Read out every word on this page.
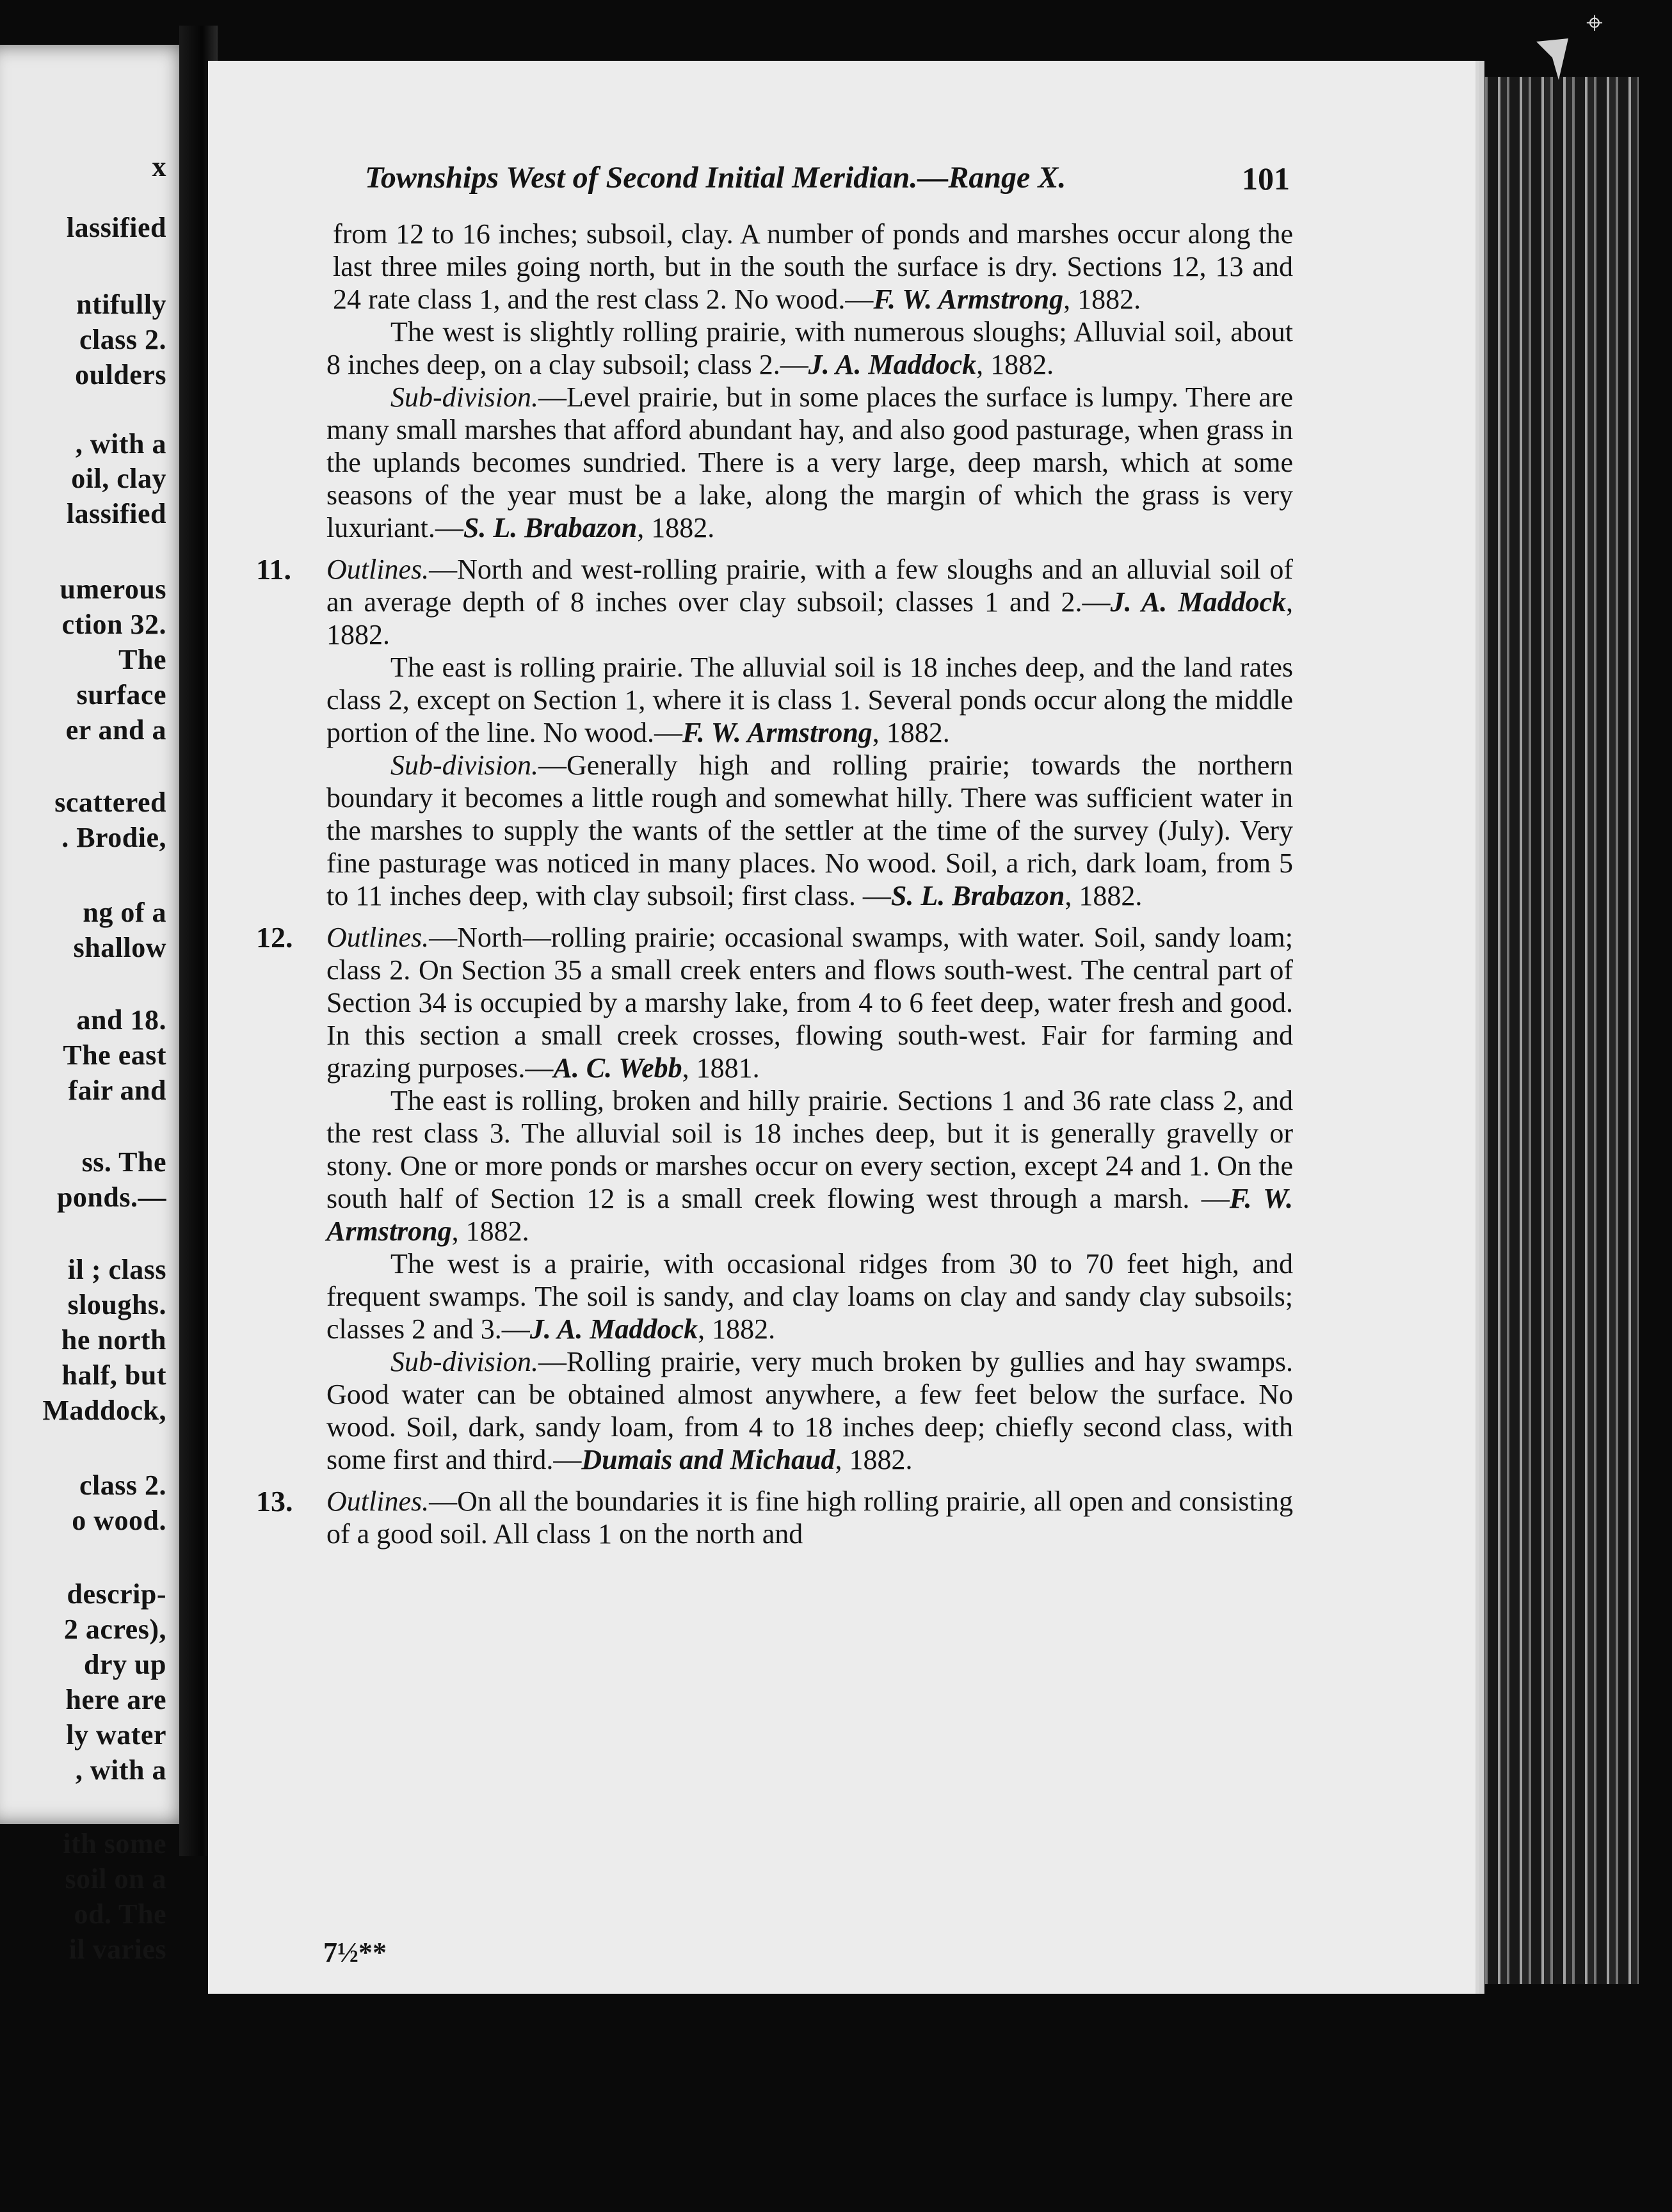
x
lassified
ntifully
class 2.
oulders
, with a
oil, clay
lassified
umerous
ction 32.
The
surface
er and a
scattered
. Brodie,
ng of a
shallow
and 18.
The east
fair and
ss. The
ponds.—
il ; class
sloughs.
he north
half, but
Maddock,
class 2.
o wood.
descrip-
2 acres),
dry up
here are
ly water
, with a
ith some
soil on a
od. The
il varies
⌖
Townships West of Second Initial Meridian.—Range X.	101

from 12 to 16 inches; subsoil, clay. A number of ponds and marshes occur along the last three miles going north, but in the south the surface is dry. Sections 12, 13 and 24 rate class 1, and the rest class 2. No wood.—F. W. Armstrong, 1882.

The west is slightly rolling prairie, with numerous sloughs; Alluvial soil, about 8 inches deep, on a clay subsoil; class 2.—J. A. Maddock, 1882.

Sub-division.—Level prairie, but in some places the surface is lumpy. There are many small marshes that afford abundant hay, and also good pasturage, when grass in the uplands becomes sundried. There is a very large, deep marsh, which at some seasons of the year must be a lake, along the margin of which the grass is very luxuriant.—S. L. Brabazon, 1882.

11. Outlines.—North and west-rolling prairie, with a few sloughs and an alluvial soil of an average depth of 8 inches over clay subsoil; classes 1 and 2.—J. A. Maddock, 1882.

The east is rolling prairie. The alluvial soil is 18 inches deep, and the land rates class 2, except on Section 1, where it is class 1. Several ponds occur along the middle portion of the line. No wood.—F. W. Armstrong, 1882.

Sub-division.—Generally high and rolling prairie; towards the northern boundary it becomes a little rough and somewhat hilly. There was sufficient water in the marshes to supply the wants of the settler at the time of the survey (July). Very fine pasturage was noticed in many places. No wood. Soil, a rich, dark loam, from 5 to 11 inches deep, with clay subsoil; first class. —S. L. Brabazon, 1882.

12. Outlines.—North—rolling prairie; occasional swamps, with water. Soil, sandy loam; class 2. On Section 35 a small creek enters and flows south-west. The central part of Section 34 is occupied by a marshy lake, from 4 to 6 feet deep, water fresh and good. In this section a small creek crosses, flowing south-west. Fair for farming and grazing purposes.—A. C. Webb, 1881.

The east is rolling, broken and hilly prairie. Sections 1 and 36 rate class 2, and the rest class 3. The alluvial soil is 18 inches deep, but it is generally gravelly or stony. One or more ponds or marshes occur on every section, except 24 and 1. On the south half of Section 12 is a small creek flowing west through a marsh. —F. W. Armstrong, 1882.

The west is a prairie, with occasional ridges from 30 to 70 feet high, and frequent swamps. The soil is sandy, and clay loams on clay and sandy clay subsoils; classes 2 and 3.—J. A. Maddock, 1882.

Sub-division.—Rolling prairie, very much broken by gullies and hay swamps. Good water can be obtained almost anywhere, a few feet below the surface. No wood. Soil, dark, sandy loam, from 4 to 18 inches deep; chiefly second class, with some first and third.—Dumais and Michaud, 1882.

13. Outlines.—On all the boundaries it is fine high rolling prairie, all open and consisting of a good soil. All class 1 on the north and

7½**
